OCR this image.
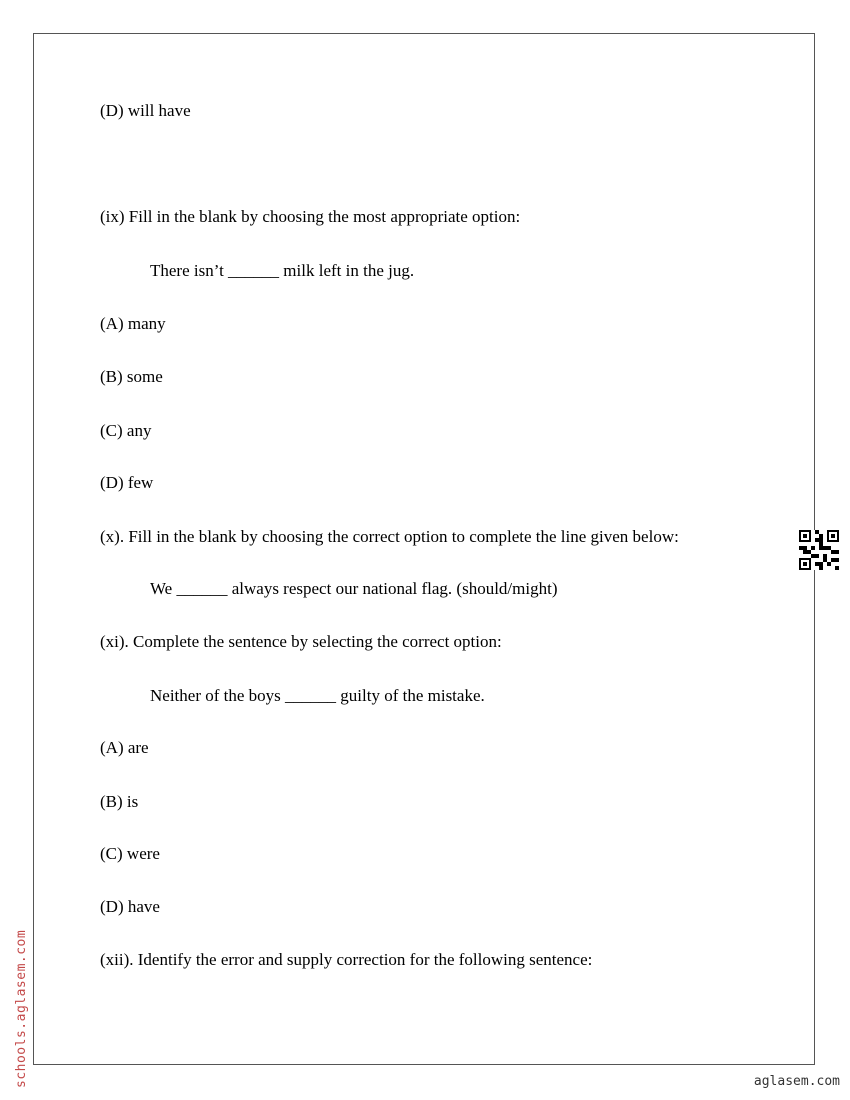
(D) will have
(ix) Fill in the blank by choosing the most appropriate option:
There isn’t ______ milk left in the jug.
(A) many
(B) some
(C) any
(D) few
(x). Fill in the blank by choosing the correct option to complete the line given below:
We ______ always respect our national flag. (should/might)
(xi). Complete the sentence by selecting the correct option:
Neither of the boys ______ guilty of the mistake.
(A) are
(B) is
(C) were
(D) have
(xii). Identify the error and supply correction for the following sentence:
schools.aglasem.com	aglasem.com
